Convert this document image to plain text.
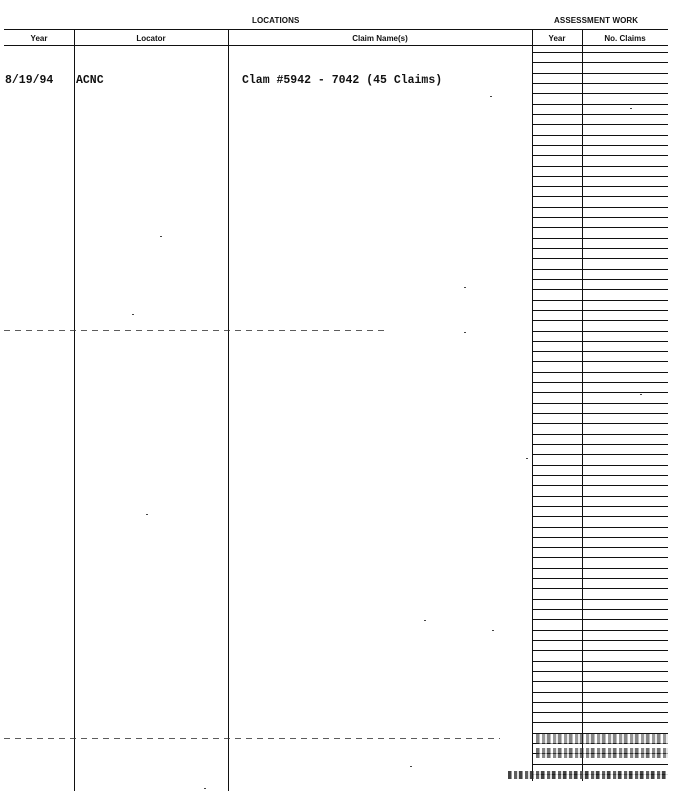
LOCATIONS	ASSESSMENT WORK
Year	Locator	Claim Name(s)	Year	No. Claims
8/19/94 ACNC	Clam #5942 - 7042 (45 Claims)
